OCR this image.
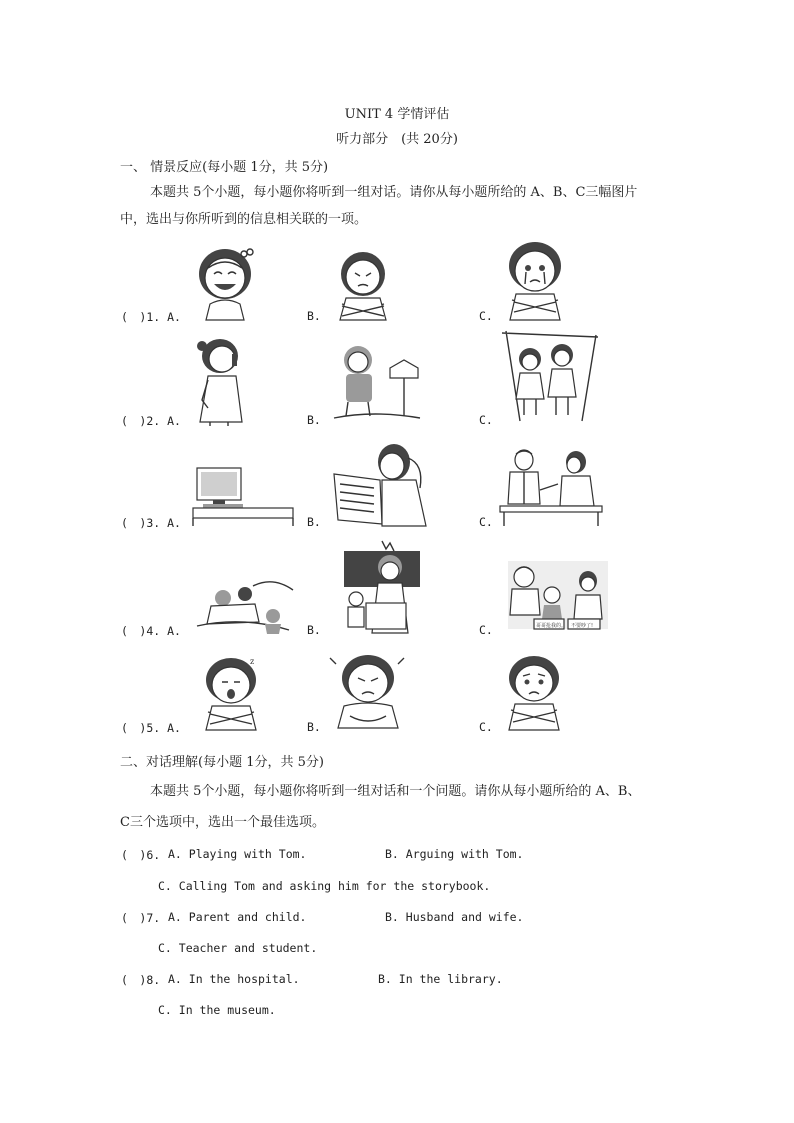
UNIT 4 学情评估
听力部分　(共 20分)
一、 情景反应(每小题 1分，共 5分)
本题共 5个小题，每小题你将听到一组对话。请你从每小题所给的 A、B、C三幅图片
中，选出与你所听到的信息相关联的一项。
(　)1. A.	B.	C.
(　)2. A.	B.	C.
(　)3. A.	B.	C.
(　)4. A.	B.	C.	哥哥抢我的。 不要吵了!
(　)5. A.	B.	C.
z
二、对话理解(每小题 1分，共 5分)
本题共 5个小题，每小题你将听到一组对话和一个问题。请你从每小题所给的 A、B、
C三个选项中，选出一个最佳选项。
(　)6. A. Playing with Tom.	B. Arguing with Tom.
C. Calling Tom and asking him for the storybook.
(　)7. A. Parent and child.	B. Husband and wife.
C. Teacher and student.
(　)8. A. In the hospital.	B. In the library.
C. In the museum.
